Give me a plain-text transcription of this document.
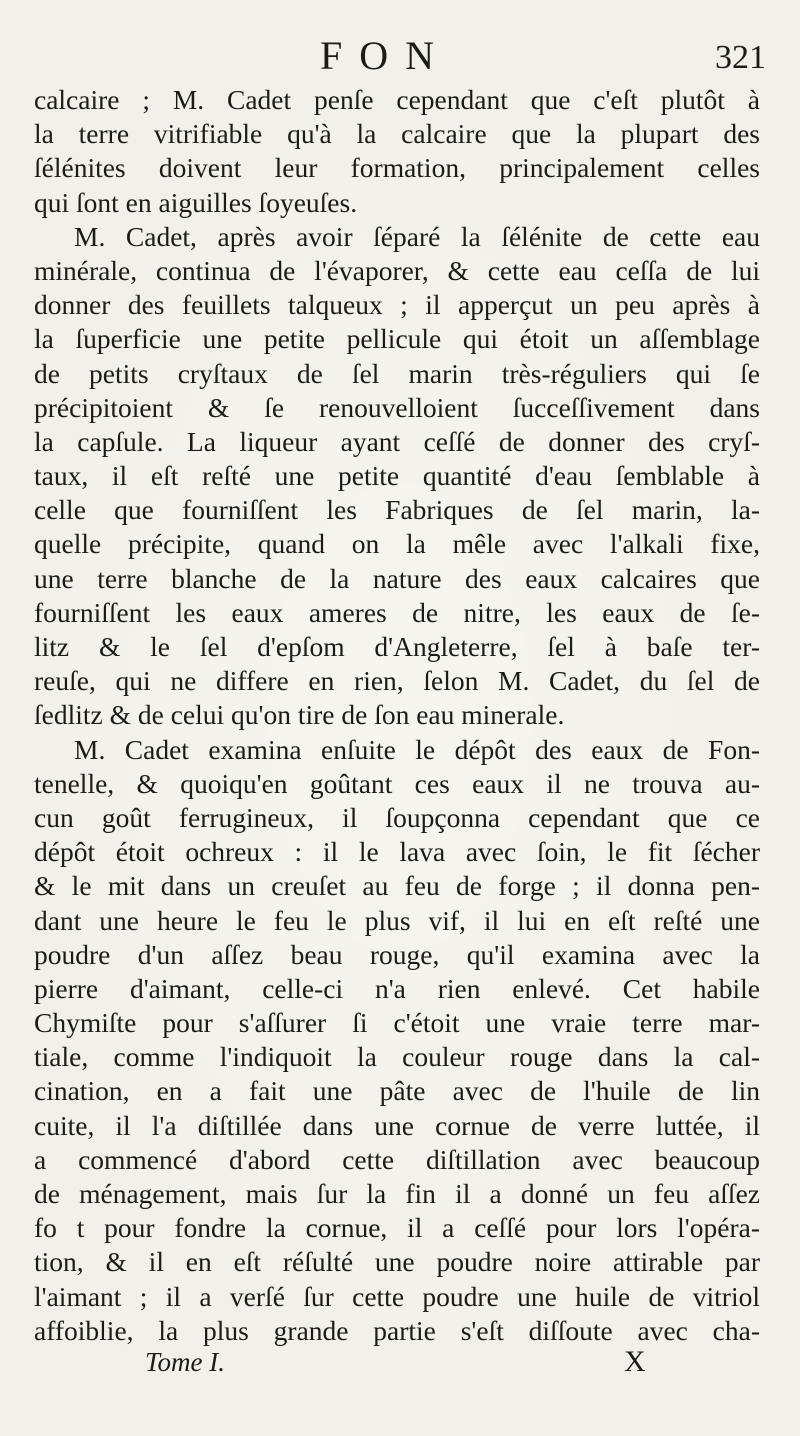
FON	321
calcaire ; M. Cadet penſe cependant que c'eſt plutôt à
la terre vitrifiable qu'à la calcaire que la plupart des
ſélénites doivent leur formation, principalement celles
qui ſont en aiguilles ſoyeuſes.
M. Cadet, après avoir ſéparé la ſélénite de cette eau
minérale, continua de l'évaporer, & cette eau ceſſa de lui
donner des feuillets talqueux ; il apperçut un peu après à
la ſuperficie une petite pellicule qui étoit un aſſemblage
de petits cryſtaux de ſel marin très-réguliers qui ſe
précipitoient & ſe renouvelloient ſucceſſivement dans
la capſule. La liqueur ayant ceſſé de donner des cryſ-
taux, il eſt reſté une petite quantité d'eau ſemblable à
celle que fourniſſent les Fabriques de ſel marin, la-
quelle précipite, quand on la mêle avec l'alkali fixe,
une terre blanche de la nature des eaux calcaires que
fourniſſent les eaux ameres de nitre, les eaux de ſe-
litz & le ſel d'epſom d'Angleterre, ſel à baſe ter-
reuſe, qui ne differe en rien, ſelon M. Cadet, du ſel de
ſedlitz & de celui qu'on tire de ſon eau minerale.
M. Cadet examina enſuite le dépôt des eaux de Fon-
tenelle, & quoiqu'en goûtant ces eaux il ne trouva au-
cun goût ferrugineux, il ſoupçonna cependant que ce
dépôt étoit ochreux : il le lava avec ſoin, le fit ſécher
& le mit dans un creuſet au feu de forge ; il donna pen-
dant une heure le feu le plus vif, il lui en eſt reſté une
poudre d'un aſſez beau rouge, qu'il examina avec la
pierre d'aimant, celle-ci n'a rien enlevé. Cet habile
Chymiſte pour s'aſſurer ſi c'étoit une vraie terre mar-
tiale, comme l'indiquoit la couleur rouge dans la cal-
cination, en a fait une pâte avec de l'huile de lin
cuite, il l'a diſtillée dans une cornue de verre luttée, il
a commencé d'abord cette diſtillation avec beaucoup
de ménagement, mais ſur la fin il a donné un feu aſſez
fo t pour fondre la cornue, il a ceſſé pour lors l'opéra-
tion, & il en eſt réſulté une poudre noire attirable par
l'aimant ; il a verſé ſur cette poudre une huile de vitriol
affoiblie, la plus grande partie s'eſt diſſoute avec cha-
Tome I.	X
